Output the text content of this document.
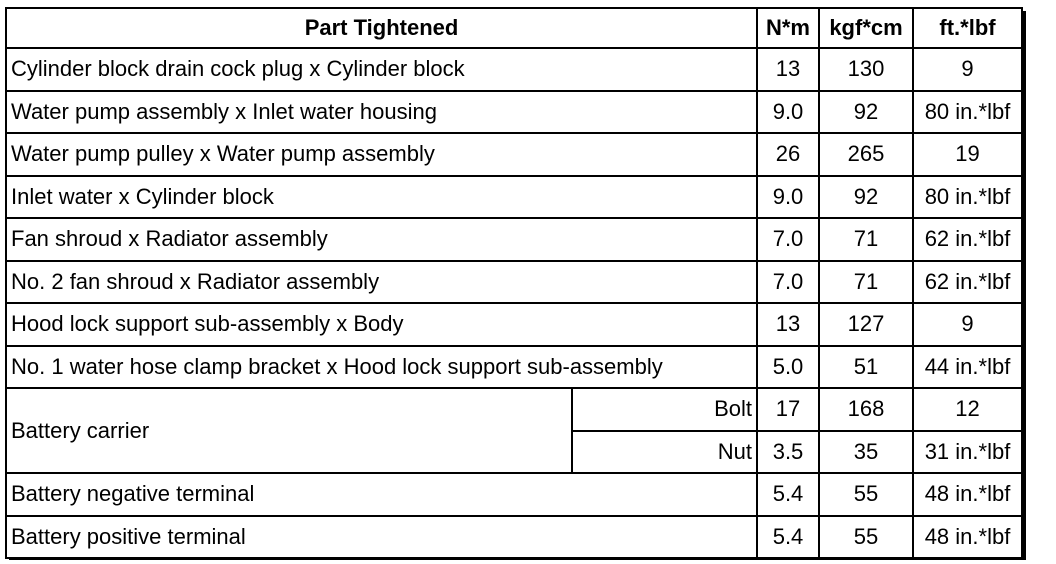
Part Tightened		N*m	kgf*cm	ft.*lbf
Cylinder block drain cock plug x Cylinder block		13	130	9
Water pump assembly x Inlet water housing		9.0	92	80 in.*lbf
Water pump pulley x Water pump assembly		26	265	19
Inlet water x Cylinder block		9.0	92	80 in.*lbf
Fan shroud x Radiator assembly		7.0	71	62 in.*lbf
No. 2 fan shroud x Radiator assembly		7.0	71	62 in.*lbf
Hood lock support sub-assembly x Body		13	127	9
No. 1 water hose clamp bracket x Hood lock support sub-assembly		5.0	51	44 in.*lbf
Battery carrier	Bolt	17	168	12
	Nut	3.5	35	31 in.*lbf
Battery negative terminal		5.4	55	48 in.*lbf
Battery positive terminal		5.4	55	48 in.*lbf
